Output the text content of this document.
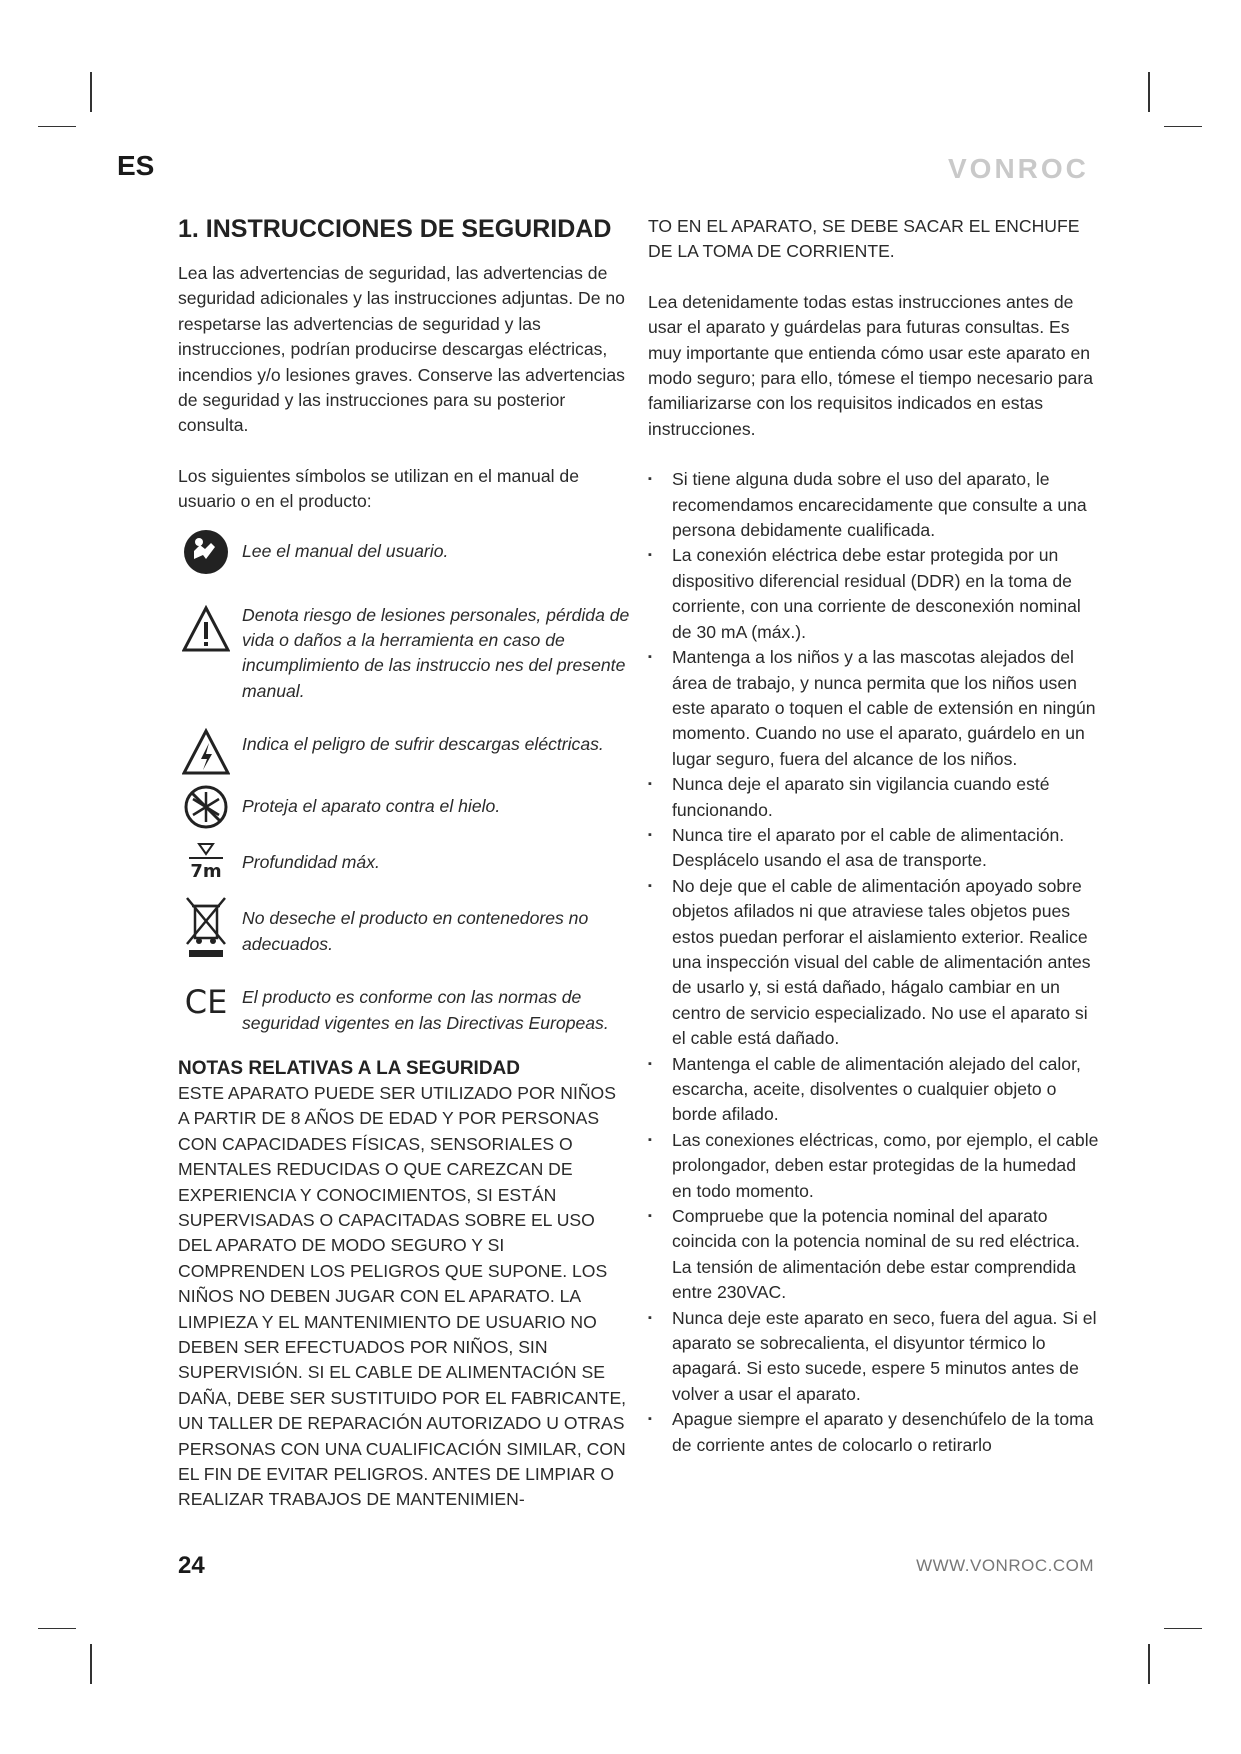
ES	VONROC
1. INSTRUCCIONES DE SEGURIDAD

Lea las advertencias de seguridad, las advertencias de seguridad adicionales y las instrucciones adjuntas. De no respetarse las advertencias de seguridad y las instrucciones, podrían producirse descargas eléctricas, incendios y/o lesiones graves. Conserve las advertencias de seguridad y las instrucciones para su posterior consulta.

Los siguientes símbolos se utilizan en el manual de usuario o en el producto:

Lee el manual del usuario.
Denota riesgo de lesiones personales, pérdida de vida o daños a la herramienta en caso de incumplimiento de las instruccio nes del presente manual.
Indica el peligro de sufrir descargas eléctricas.
Proteja el aparato contra el hielo.
7m Profundidad máx.
No deseche el producto en contenedores no adecuados.
CE El producto es conforme con las normas de seguridad vigentes en las Directivas Europeas.
NOTAS RELATIVAS A LA SEGURIDAD

ESTE APARATO PUEDE SER UTILIZADO POR NIÑOS A PARTIR DE 8 AÑOS DE EDAD Y POR PERSONAS CON CAPACIDADES FÍSICAS, SENSORIALES O MENTALES REDUCIDAS O QUE CAREZCAN DE EXPERIENCIA Y CONOCIMIENTOS, SI ESTÁN SUPERVISADAS O CAPACITADAS SOBRE EL USO DEL APARATO DE MODO SEGURO Y SI COMPRENDEN LOS PELIGROS QUE SUPONE. LOS NIÑOS NO DEBEN JUGAR CON EL APARATO. LA LIMPIEZA Y EL MANTENIMIENTO DE USUARIO NO DEBEN SER EFECTUADOS POR NIÑOS, SIN SUPERVISIÓN. SI EL CABLE DE ALIMENTACIÓN SE DAÑA, DEBE SER SUSTITUIDO POR EL FABRICANTE, UN TALLER DE REPARACIÓN AUTORIZADO U OTRAS PERSONAS CON UNA CUALIFICACIÓN SIMILAR, CON EL FIN DE EVITAR PELIGROS. ANTES DE LIMPIAR O REALIZAR TRABAJOS DE MANTENIMIEN-

TO EN EL APARATO, SE DEBE SACAR EL ENCHUFE DE LA TOMA DE CORRIENTE.

Lea detenidamente todas estas instrucciones antes de usar el aparato y guárdelas para futuras consultas. Es muy importante que entienda cómo usar este aparato en modo seguro; para ello, tómese el tiempo necesario para familiarizarse con los requisitos indicados en estas instrucciones.

▪ Si tiene alguna duda sobre el uso del aparato, le recomendamos encarecidamente que consulte a una persona debidamente cualificada.
▪ La conexión eléctrica debe estar protegida por un dispositivo diferencial residual (DDR) en la toma de corriente, con una corriente de desconexión nominal de 30 mA (máx.).
▪ Mantenga a los niños y a las mascotas alejados del área de trabajo, y nunca permita que los niños usen este aparato o toquen el cable de extensión en ningún momento. Cuando no use el aparato, guárdelo en un lugar seguro, fuera del alcance de los niños.
▪ Nunca deje el aparato sin vigilancia cuando esté funcionando.
▪ Nunca tire el aparato por el cable de alimentación. Desplácelo usando el asa de transporte.
▪ No deje que el cable de alimentación apoyado sobre objetos afilados ni que atraviese tales objetos pues estos puedan perforar el aislamiento exterior. Realice una inspección visual del cable de alimentación antes de usarlo y, si está dañado, hágalo cambiar en un centro de servicio especializado. No use el aparato si el cable está dañado.
▪ Mantenga el cable de alimentación alejado del calor, escarcha, aceite, disolventes o cualquier objeto o borde afilado.
▪ Las conexiones eléctricas, como, por ejemplo, el cable prolongador, deben estar protegidas de la humedad en todo momento.
▪ Compruebe que la potencia nominal del aparato coincida con la potencia nominal de su red eléctrica. La tensión de alimentación debe estar comprendida entre 230VAC.
▪ Nunca deje este aparato en seco, fuera del agua. Si el aparato se sobrecalienta, el disyuntor térmico lo apagará. Si esto sucede, espere 5 minutos antes de volver a usar el aparato.
▪ Apague siempre el aparato y desenchúfelo de la toma de corriente antes de colocarlo o retirarlo
24	WWW.VONROC.COM
